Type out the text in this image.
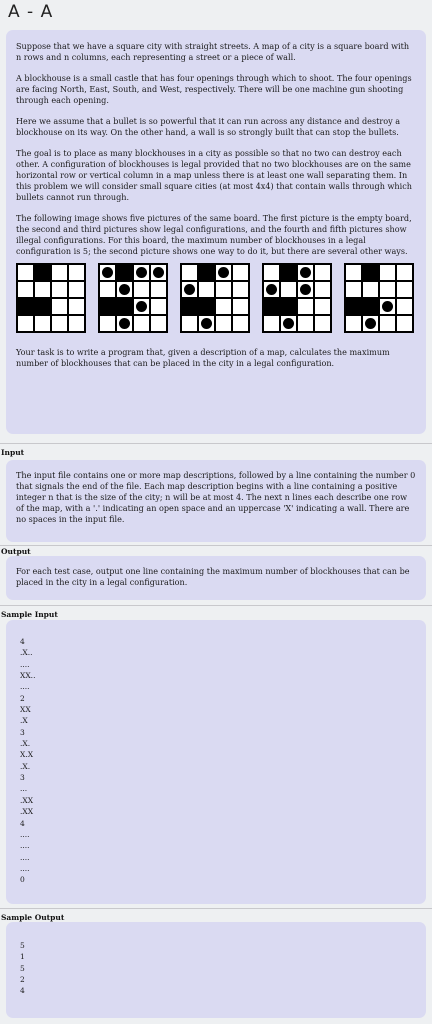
A - A

Suppose that we have a square city with straight streets. A map of a city is a square board with n rows and n columns, each representing a street or a piece of wall.

A blockhouse is a small castle that has four openings through which to shoot. The four openings are facing North, East, South, and West, respectively. There will be one machine gun shooting through each opening.

Here we assume that a bullet is so powerful that it can run across any distance and destroy a blockhouse on its way. On the other hand, a wall is so strongly built that can stop the bullets.

The goal is to place as many blockhouses in a city as possible so that no two can destroy each other. A configuration of blockhouses is legal provided that no two blockhouses are on the same horizontal row or vertical column in a map unless there is at least one wall separating them. In this problem we will consider small square cities (at most 4x4) that contain walls through which bullets cannot run through.

The following image shows five pictures of the same board. The first picture is the empty board, the second and third pictures show legal configurations, and the fourth and fifth pictures show illegal configurations. For this board, the maximum number of blockhouses in a legal configuration is 5; the second picture shows one way to do it, but there are several other ways.

Your task is to write a program that, given a description of a map, calculates the maximum number of blockhouses that can be placed in the city in a legal configuration.

Input

The input file contains one or more map descriptions, followed by a line containing the number 0 that signals the end of the file. Each map description begins with a line containing a positive integer n that is the size of the city; n will be at most 4. The next n lines each describe one row of the map, with a '.' indicating an open space and an uppercase 'X' indicating a wall. There are no spaces in the input file.

Output

For each test case, output one line containing the maximum number of blockhouses that can be placed in the city in a legal configuration.

Sample Input
4
.X..
....
XX..
....
2
XX
.X
3
.X.
X.X
.X.
3
...
.XX
.XX
4
....
....
....
....
0
Sample Output
5
1
5
2
4
